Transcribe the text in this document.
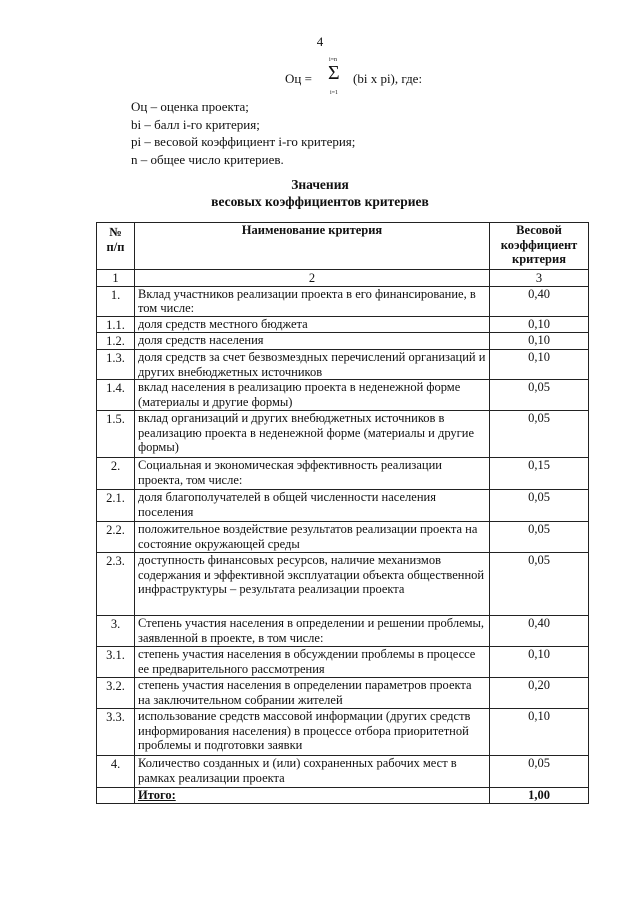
4
Оц =
i=n
Σ
i=1
(bi x pi), где:
Оц – оценка проекта;
bi – балл i-го критерия;
pi – весовой коэффициент i-го критерия;
n – общее число критериев.
Значения
весовых коэффициентов критериев
№ п/п	Наименование критерия	Весовой коэффициент критерия
1	2	3
1.	Вклад участников реализации проекта в его финансирование, в том числе:	0,40
1.1.	доля средств местного бюджета	0,10
1.2.	доля средств населения	0,10
1.3.	доля средств за счет безвозмездных перечислений организаций и других внебюджетных источников	0,10
1.4.	вклад населения в реализацию проекта в неденежной форме (материалы и другие формы)	0,05
1.5.	вклад организаций и других внебюджетных источников в реализацию проекта в неденежной форме (материалы и другие формы)	0,05
2.	Социальная и экономическая эффективность реализации проекта, том числе:	0,15
2.1.	доля благополучателей в общей численности населения поселения	0,05
2.2.	положительное воздействие результатов реализации проекта на состояние окружающей среды	0,05
2.3.	доступность финансовых ресурсов, наличие механизмов содержания и эффективной эксплуатации объекта общественной инфраструктуры – результата реализации проекта	0,05
3.	Степень участия населения в определении и решении проблемы, заявленной в проекте, в том числе:	0,40
3.1.	степень участия населения в обсуждении проблемы в процессе ее предварительного рассмотрения	0,10
3.2.	степень участия населения в определении параметров проекта на заключительном собрании жителей	0,20
3.3.	использование средств массовой информации (других средств информирования населения) в процессе отбора приоритетной проблемы и подготовки заявки	0,10
4.	Количество созданных и (или) сохраненных рабочих мест в рамках реализации проекта	0,05
	Итого:	1,00
